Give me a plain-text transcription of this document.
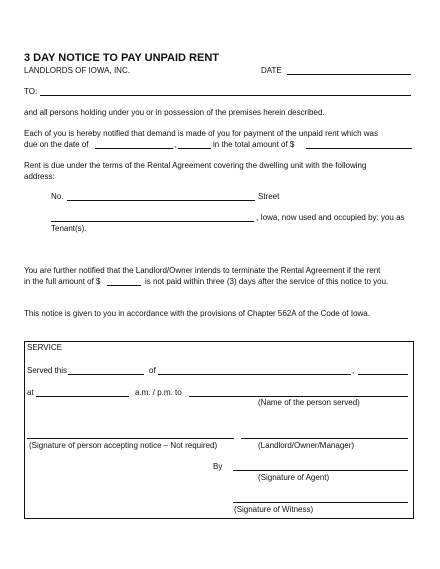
3 DAY NOTICE TO PAY UNPAID RENT
LANDLORDS OF IOWA, INC.	DATE
TO:
and all persons holding under you or in possession of the premises herein described.
Each of you is hereby notified that demand is made of you for payment of the unpaid rent which was
due on the date of	,	in the total amount of $
Rent is due under the terms of the Rental Agreement covering the dwelling unit with the following
address:
No.	Street
, Iowa, now used and occupied by: you as
Tenant(s).
You are further notified that the Landlord/Owner intends to terminate the Rental Agreement if the rent
in the full amount of $	is not paid within three (3) days after the service of this notice to you.
This notice is given to you in accordance with the provisions of Chapter 562A of the Code of Iowa.
SERVICE
Served this	of	,
at	a.m. / p.m. to
(Name of the person served)
(Signature of person accepting notice – Not required)	(Landlord/Owner/Manager)
By
(Signature of Agent)
(Signature of Witness)
